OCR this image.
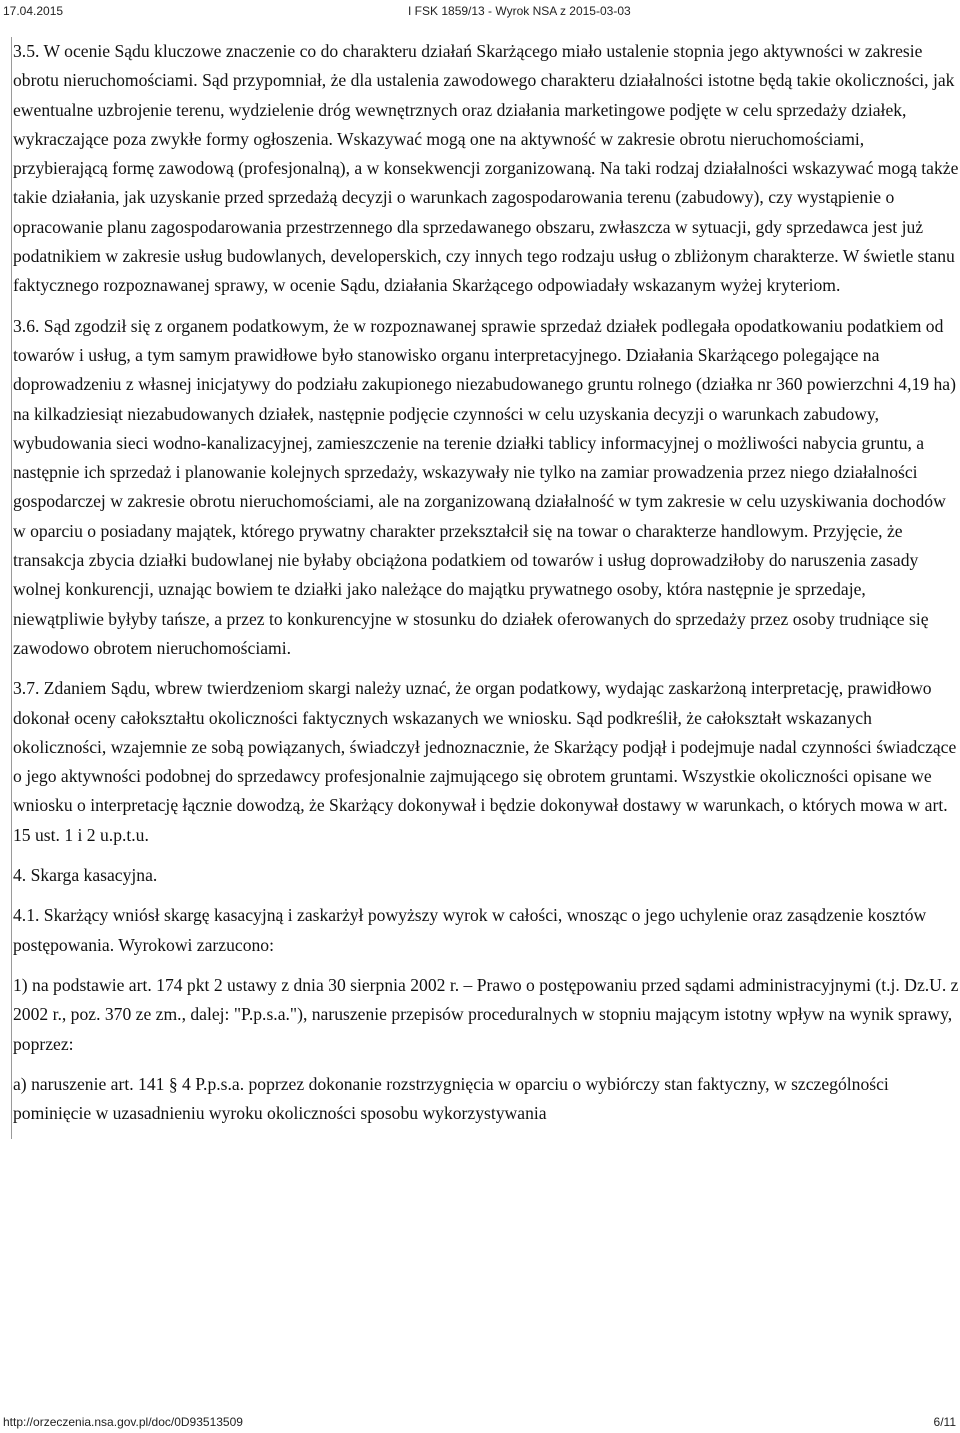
17.04.2015	I FSK 1859/13 - Wyrok NSA z 2015-03-03

3.5. W ocenie Sądu kluczowe znaczenie co do charakteru działań Skarżącego miało ustalenie stopnia jego aktywności w zakresie obrotu nieruchomościami. Sąd przypomniał, że dla ustalenia zawodowego charakteru działalności istotne będą takie okoliczności, jak ewentualne uzbrojenie terenu, wydzielenie dróg wewnętrznych oraz działania marketingowe podjęte w celu sprzedaży działek, wykraczające poza zwykłe formy ogłoszenia. Wskazywać mogą one na aktywność w zakresie obrotu nieruchomościami, przybierającą formę zawodową (profesjonalną), a w konsekwencji zorganizowaną. Na taki rodzaj działalności wskazywać mogą także takie działania, jak uzyskanie przed sprzedażą decyzji o warunkach zagospodarowania terenu (zabudowy), czy wystąpienie o opracowanie planu zagospodarowania przestrzennego dla sprzedawanego obszaru, zwłaszcza w sytuacji, gdy sprzedawca jest już podatnikiem w zakresie usług budowlanych, developerskich, czy innych tego rodzaju usług o zbliżonym charakterze. W świetle stanu faktycznego rozpoznawanej sprawy, w ocenie Sądu, działania Skarżącego odpowiadały wskazanym wyżej kryteriom.

3.6. Sąd zgodził się z organem podatkowym, że w rozpoznawanej sprawie sprzedaż działek podlegała opodatkowaniu podatkiem od towarów i usług, a tym samym prawidłowe było stanowisko organu interpretacyjnego. Działania Skarżącego polegające na doprowadzeniu z własnej inicjatywy do podziału zakupionego niezabudowanego gruntu rolnego (działka nr 360 powierzchni 4,19 ha) na kilkadziesiąt niezabudowanych działek, następnie podjęcie czynności w celu uzyskania decyzji o warunkach zabudowy, wybudowania sieci wodno-kanalizacyjnej, zamieszczenie na terenie działki tablicy informacyjnej o możliwości nabycia gruntu, a następnie ich sprzedaż i planowanie kolejnych sprzedaży, wskazywały nie tylko na zamiar prowadzenia przez niego działalności gospodarczej w zakresie obrotu nieruchomościami, ale na zorganizowaną działalność w tym zakresie w celu uzyskiwania dochodów w oparciu o posiadany majątek, którego prywatny charakter przekształcił się na towar o charakterze handlowym. Przyjęcie, że transakcja zbycia działki budowlanej nie byłaby obciążona podatkiem od towarów i usług doprowadziłoby do naruszenia zasady wolnej konkurencji, uznając bowiem te działki jako należące do majątku prywatnego osoby, która następnie je sprzedaje, niewątpliwie byłyby tańsze, a przez to konkurencyjne w stosunku do działek oferowanych do sprzedaży przez osoby trudniące się zawodowo obrotem nieruchomościami.

3.7. Zdaniem Sądu, wbrew twierdzeniom skargi należy uznać, że organ podatkowy, wydając zaskarżoną interpretację, prawidłowo dokonał oceny całokształtu okoliczności faktycznych wskazanych we wniosku. Sąd podkreślił, że całokształt wskazanych okoliczności, wzajemnie ze sobą powiązanych, świadczył jednoznacznie, że Skarżący podjął i podejmuje nadal czynności świadczące o jego aktywności podobnej do sprzedawcy profesjonalnie zajmującego się obrotem gruntami. Wszystkie okoliczności opisane we wniosku o interpretację łącznie dowodzą, że Skarżący dokonywał i będzie dokonywał dostawy w warunkach, o których mowa w art. 15 ust. 1 i 2 u.p.t.u.

4. Skarga kasacyjna.

4.1. Skarżący wniósł skargę kasacyjną i zaskarżył powyższy wyrok w całości, wnosząc o jego uchylenie oraz zasądzenie kosztów postępowania. Wyrokowi zarzucono:

1) na podstawie art. 174 pkt 2 ustawy z dnia 30 sierpnia 2002 r. – Prawo o postępowaniu przed sądami administracyjnymi (t.j. Dz.U. z 2002 r., poz. 370 ze zm., dalej: "P.p.s.a."), naruszenie przepisów proceduralnych w stopniu mającym istotny wpływ na wynik sprawy, poprzez:

a) naruszenie art. 141 § 4 P.p.s.a. poprzez dokonanie rozstrzygnięcia w oparciu o wybiórczy stan faktyczny, w szczególności pominięcie w uzasadnieniu wyroku okoliczności sposobu wykorzystywania

http://orzeczenia.nsa.gov.pl/doc/0D93513509	6/11
